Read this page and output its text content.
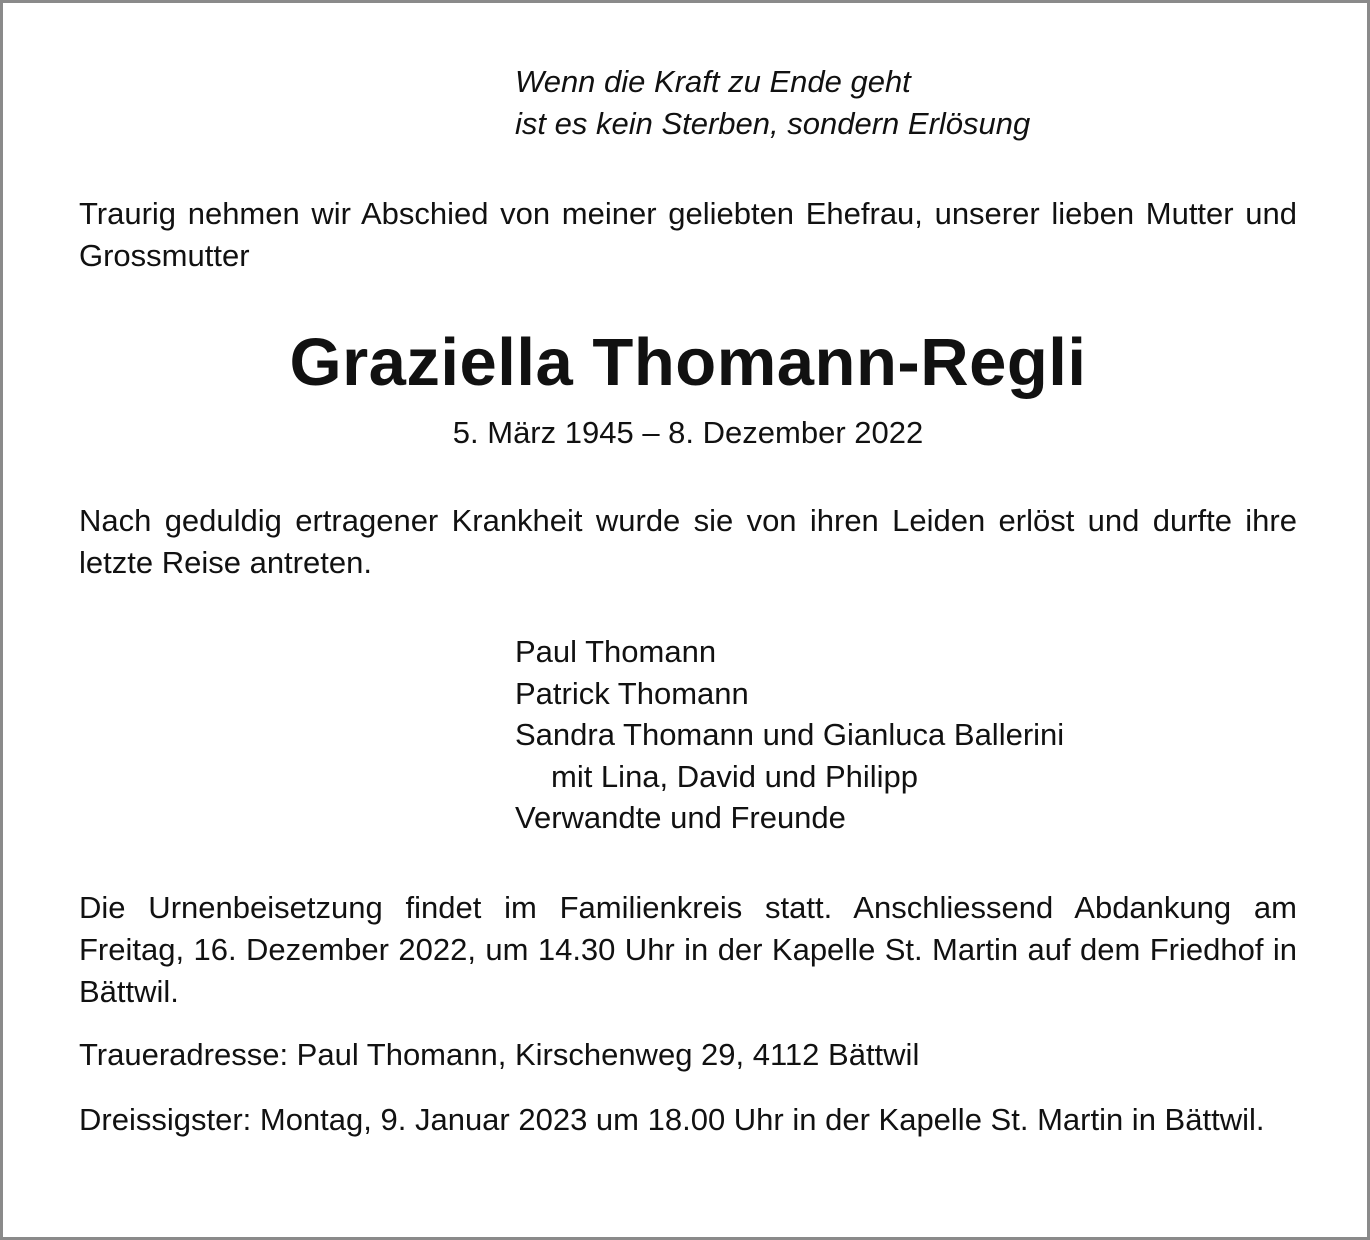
Wenn die Kraft zu Ende geht
ist es kein Sterben, sondern Erlösung
Traurig nehmen wir Abschied von meiner geliebten Ehefrau, unserer lieben Mutter und Grossmutter
Graziella Thomann-Regli
5. März 1945 – 8. Dezember 2022
Nach geduldig ertragener Krankheit wurde sie von ihren Leiden erlöst und durfte ihre letzte Reise antreten.
Paul Thomann
Patrick Thomann
Sandra Thomann und Gianluca Ballerini
mit Lina, David und Philipp
Verwandte und Freunde
Die Urnenbeisetzung findet im Familienkreis statt. Anschliessend Abdankung am Freitag, 16. Dezember 2022, um 14.30 Uhr in der Kapelle St. Martin auf dem Friedhof in Bättwil.
Traueradresse: Paul Thomann, Kirschenweg 29, 4112 Bättwil
Dreissigster: Montag, 9. Januar 2023 um 18.00 Uhr in der Kapelle St. Martin in Bättwil.
